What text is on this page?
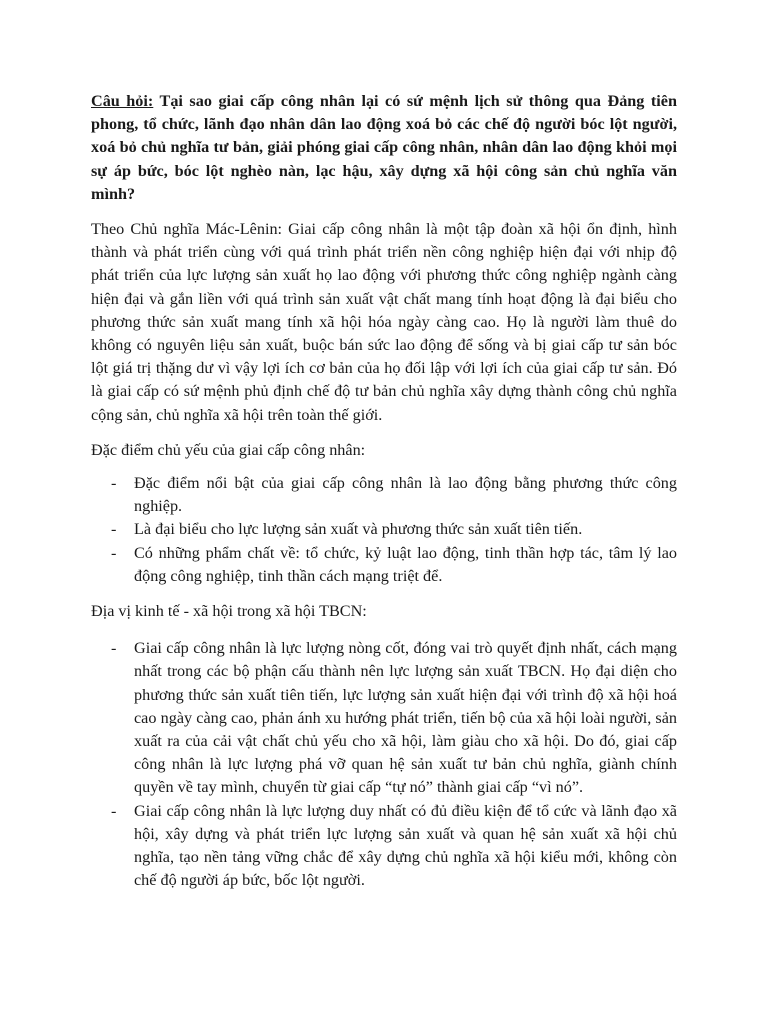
Câu hỏi: Tại sao giai cấp công nhân lại có sứ mệnh lịch sử thông qua Đảng tiên phong, tổ chức, lãnh đạo nhân dân lao động xoá bỏ các chế độ người bóc lột người, xoá bỏ chủ nghĩa tư bản, giải phóng giai cấp công nhân, nhân dân lao động khỏi mọi sự áp bức, bóc lột nghèo nàn, lạc hậu, xây dựng xã hội công sản chủ nghĩa văn mình?

Theo Chủ nghĩa Mác-Lênin: Giai cấp công nhân là một tập đoàn xã hội ổn định, hình thành và phát triển cùng với quá trình phát triển nền công nghiệp hiện đại với nhịp độ phát triển của lực lượng sản xuất họ lao động với phương thức công nghiệp ngành càng hiện đại và gắn liền với quá trình sản xuất vật chất mang tính hoạt động là đại biểu cho phương thức sản xuất mang tính xã hội hóa ngày càng cao. Họ là người làm thuê do không có nguyên liệu sản xuất, buộc bán sức lao động để sống và bị giai cấp tư sản bóc lột giá trị thặng dư vì vậy lợi ích cơ bản của họ đối lập với lợi ích của giai cấp tư sản. Đó là giai cấp có sứ mệnh phủ định chế độ tư bản chủ nghĩa xây dựng thành công chủ nghĩa cộng sản, chủ nghĩa xã hội trên toàn thế giới.

Đặc điểm chủ yếu của giai cấp công nhân:

- Đặc điểm nổi bật của giai cấp công nhân là lao động bằng phương thức công nghiệp.
- Là đại biểu cho lực lượng sản xuất và phương thức sản xuất tiên tiến.
- Có những phẩm chất về: tổ chức, kỷ luật lao động, tinh thần hợp tác, tâm lý lao động công nghiệp, tinh thần cách mạng triệt để.

Địa vị kinh tế - xã hội trong xã hội TBCN:

- Giai cấp công nhân là lực lượng nòng cốt, đóng vai trò quyết định nhất, cách mạng nhất trong các bộ phận cấu thành nên lực lượng sản xuất TBCN. Họ đại diện cho phương thức sản xuất tiên tiến, lực lượng sản xuất hiện đại với trình độ xã hội hoá cao ngày càng cao, phản ánh xu hướng phát triển, tiến bộ của xã hội loài người, sản xuất ra của cải vật chất chủ yếu cho xã hội, làm giàu cho xã hội. Do đó, giai cấp công nhân là lực lượng phá vỡ quan hệ sản xuất tư bản chủ nghĩa, giành chính quyền về tay mình, chuyển từ giai cấp “tự nó” thành giai cấp “vì nó”.
- Giai cấp công nhân là lực lượng duy nhất có đủ điều kiện để tổ cức và lãnh đạo xã hội, xây dựng và phát triển lực lượng sản xuất và quan hệ sản xuất xã hội chủ nghĩa, tạo nền tảng vững chắc để xây dựng chủ nghĩa xã hội kiểu mới, không còn chế độ người áp bức, bốc lột người.
